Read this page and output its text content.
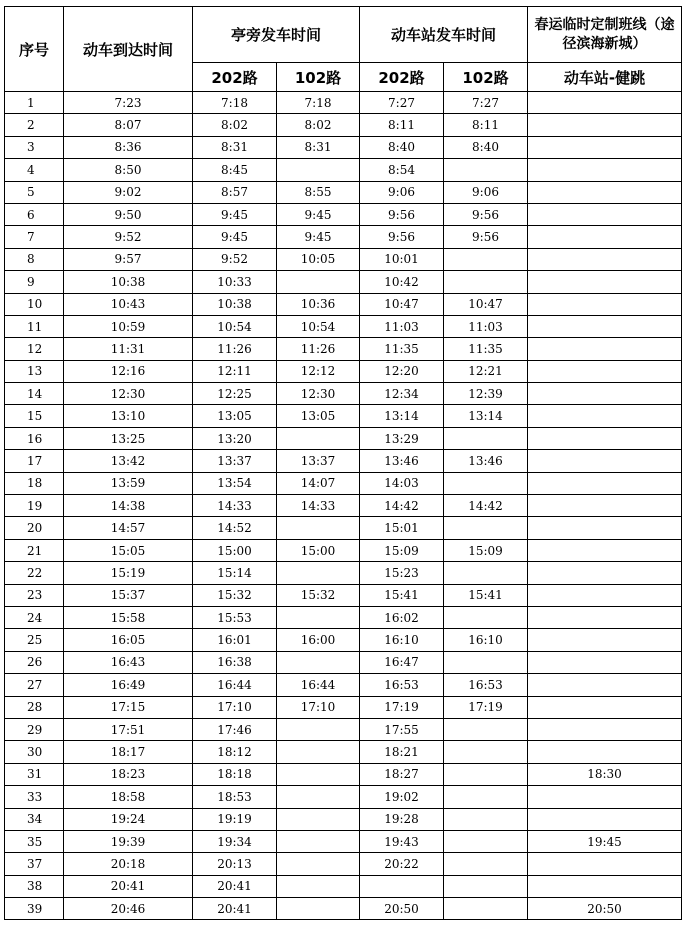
序号	动车到达时间	亭旁发车时间		动车站发车时间		春运临时定制班线（途径滨海新城）
		202路	102路	202路	102路	动车站-健跳
1	7:23	7:18	7:18	7:27	7:27	
2	8:07	8:02	8:02	8:11	8:11	
3	8:36	8:31	8:31	8:40	8:40	
4	8:50	8:45		8:54		
5	9:02	8:57	8:55	9:06	9:06	
6	9:50	9:45	9:45	9:56	9:56	
7	9:52	9:45	9:45	9:56	9:56	
8	9:57	9:52	10:05	10:01		
9	10:38	10:33		10:42		
10	10:43	10:38	10:36	10:47	10:47	
11	10:59	10:54	10:54	11:03	11:03	
12	11:31	11:26	11:26	11:35	11:35	
13	12:16	12:11	12:12	12:20	12:21	
14	12:30	12:25	12:30	12:34	12:39	
15	13:10	13:05	13:05	13:14	13:14	
16	13:25	13:20		13:29		
17	13:42	13:37	13:37	13:46	13:46	
18	13:59	13:54	14:07	14:03		
19	14:38	14:33	14:33	14:42	14:42	
20	14:57	14:52		15:01		
21	15:05	15:00	15:00	15:09	15:09	
22	15:19	15:14		15:23		
23	15:37	15:32	15:32	15:41	15:41	
24	15:58	15:53		16:02		
25	16:05	16:01	16:00	16:10	16:10	
26	16:43	16:38		16:47		
27	16:49	16:44	16:44	16:53	16:53	
28	17:15	17:10	17:10	17:19	17:19	
29	17:51	17:46		17:55		
30	18:17	18:12		18:21		
31	18:23	18:18		18:27		18:30
33	18:58	18:53		19:02		
34	19:24	19:19		19:28		
35	19:39	19:34		19:43		19:45
37	20:18	20:13		20:22		
38	20:41	20:41				
39	20:46	20:41		20:50		20:50
